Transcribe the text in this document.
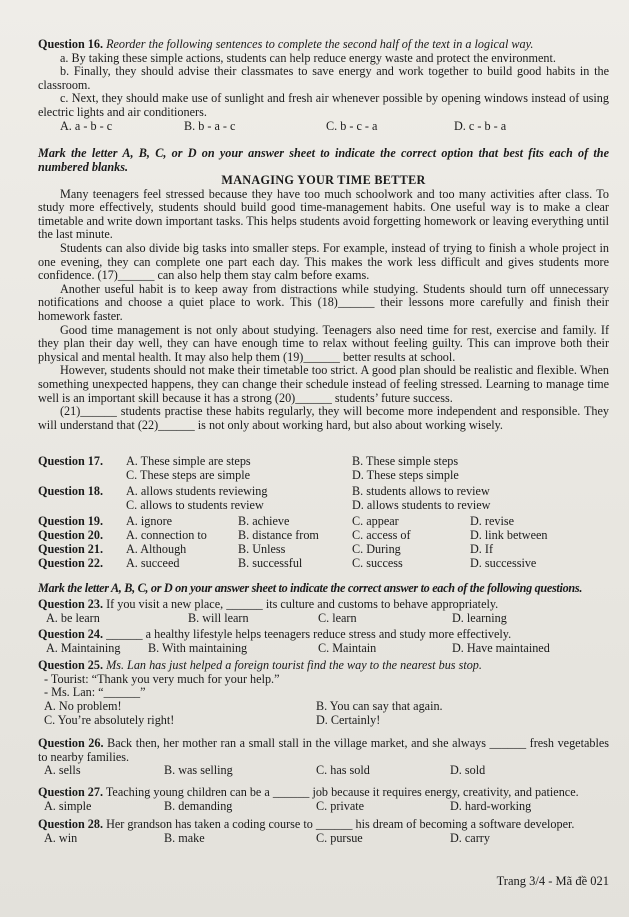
Question 16. Reorder the following sentences to complete the second half of the text in a logical way.

a. By taking these simple actions, students can help reduce energy waste and protect the environment.

b. Finally, they should advise their classmates to save energy and work together to build good habits in the classroom.

c. Next, they should make use of sunlight and fresh air whenever possible by opening windows instead of using electric lights and air conditioners.

A. a - b - c	B. b - a - c	C. b - c - a	D. c - b - a
Mark the letter A, B, C, or D on your answer sheet to indicate the correct option that best fits each of the numbered blanks.

MANAGING YOUR TIME BETTER

Many teenagers feel stressed because they have too much schoolwork and too many activities after class. To study more effectively, students should build good time-management habits. One useful way is to make a clear timetable and write down important tasks. This helps students avoid forgetting homework or leaving everything until the last minute.

Students can also divide big tasks into smaller steps. For example, instead of trying to finish a whole project in one evening, they can complete one part each day. This makes the work less difficult and gives students more confidence. (17)______ can also help them stay calm before exams.

Another useful habit is to keep away from distractions while studying. Students should turn off unnecessary notifications and choose a quiet place to work. This (18)______ their lessons more carefully and finish their homework faster.

Good time management is not only about studying. Teenagers also need time for rest, exercise and family. If they plan their day well, they can have enough time to relax without feeling guilty. This can improve both their physical and mental health. It may also help them (19)______ better results at school.

However, students should not make their timetable too strict. A good plan should be realistic and flexible. When something unexpected happens, they can change their schedule instead of feeling stressed. Learning to manage time well is an important skill because it has a strong (20)______ students’ future success.

(21)______ students practise these habits regularly, they will become more independent and responsible. They will understand that (22)______ is not only about working hard, but also about working wisely.

Question 17. A. These simple are steps	B. These simple steps
C. These steps are simple	D. These steps simple
Question 18. A. allows students reviewing	B. students allows to review
C. allows to students review	D. allows students to review
Question 19. A. ignore	B. achieve	C. appear	D. revise
Question 20. A. connection to	B. distance from	C. access of	D. link between
Question 21. A. Although	B. Unless	C. During	D. If
Question 22. A. succeed	B. successful	C. success	D. successive
Mark the letter A, B, C, or D on your answer sheet to indicate the correct answer to each of the following questions.

Question 23. If you visit a new place, ______ its culture and customs to behave appropriately.

A. be learn	B. will learn	C. learn	D. learning

Question 24. ______ a healthy lifestyle helps teenagers reduce stress and study more effectively.

A. Maintaining B. With maintaining	C. Maintain	D. Have maintained

Question 25. Ms. Lan has just helped a foreign tourist find the way to the nearest bus stop.

- Tourist: “Thank you very much for your help.”

- Ms. Lan: “______”

A. No problem!	B. You can say that again.
C. You’re absolutely right!	D. Certainly!

Question 26. Back then, her mother ran a small stall in the village market, and she always ______ fresh vegetables to nearby families.

A. sells	B. was selling	C. has sold	D. sold

Question 27. Teaching young children can be a ______ job because it requires energy, creativity, and patience.

A. simple	B. demanding	C. private	D. hard-working

Question 28. Her grandson has taken a coding course to ______ his dream of becoming a software developer.

A. win	B. make	C. pursue	D. carry
Trang 3/4 - Mã đề 021
